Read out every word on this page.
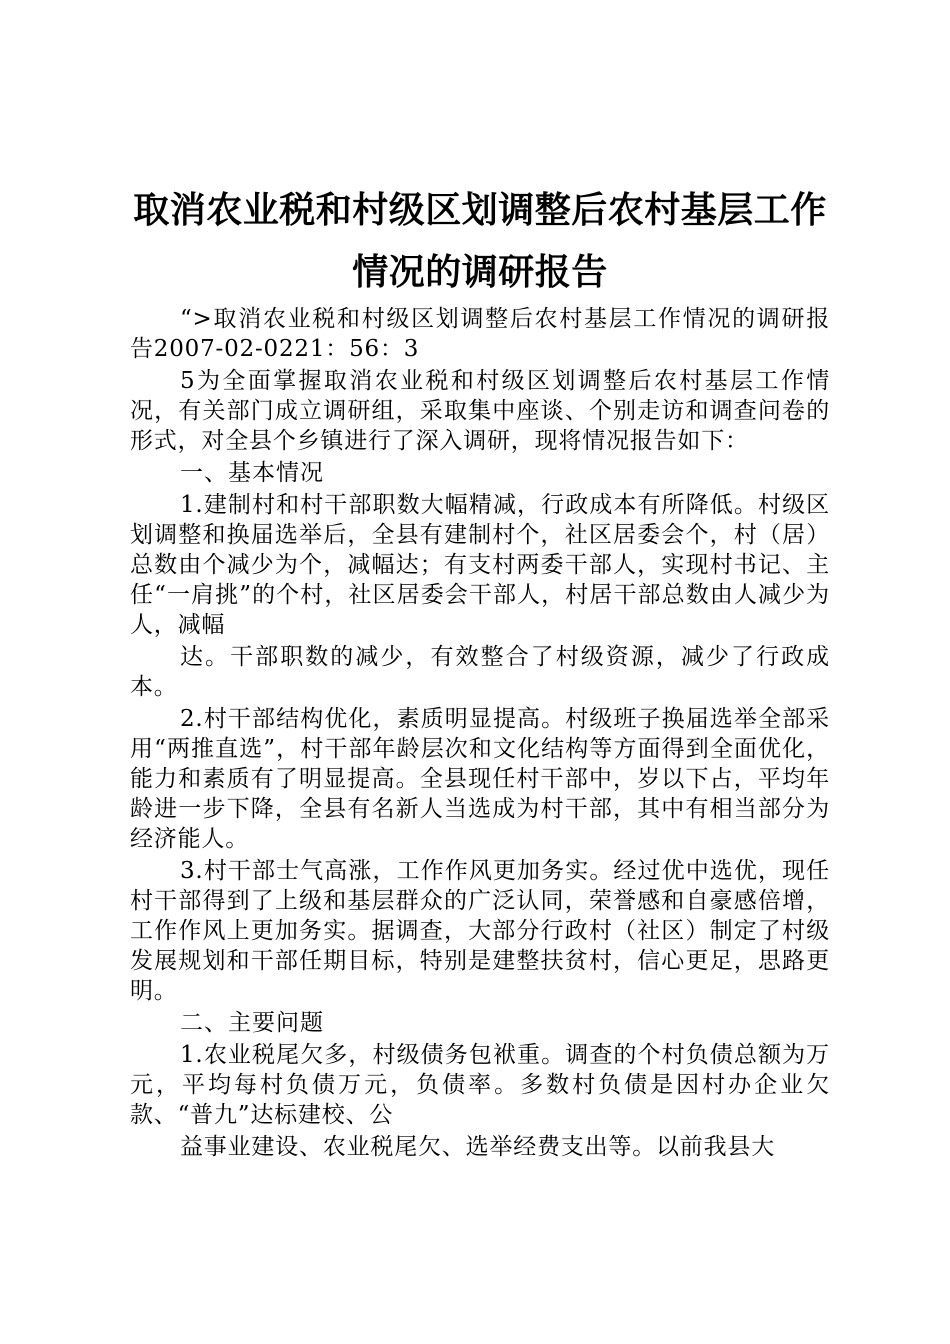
取消农业税和村级区划调整后农村基层工作情况的调研报告

“>取消农业税和村级区划调整后农村基层工作情况的调研报告2007-02-0221：56：3

5为全面掌握取消农业税和村级区划调整后农村基层工作情况，有关部门成立调研组，采取集中座谈、个别走访和调查问卷的形式，对全县个乡镇进行了深入调研，现将情况报告如下：

一、基本情况

1.建制村和村干部职数大幅精减，行政成本有所降低。村级区划调整和换届选举后，全县有建制村个，社区居委会个，村（居）总数由个减少为个，减幅达；有支村两委干部人，实现村书记、主任“一肩挑”的个村，社区居委会干部人，村居干部总数由人减少为人，减幅

达。干部职数的减少，有效整合了村级资源，减少了行政成本。

2.村干部结构优化，素质明显提高。村级班子换届选举全部采用“两推直选”，村干部年龄层次和文化结构等方面得到全面优化，能力和素质有了明显提高。全县现任村干部中，岁以下占，平均年龄进一步下降，全县有名新人当选成为村干部，其中有相当部分为经济能人。

3.村干部士气高涨，工作作风更加务实。经过优中选优，现任村干部得到了上级和基层群众的广泛认同，荣誉感和自豪感倍增，工作作风上更加务实。据调查，大部分行政村（社区）制定了村级发展规划和干部任期目标，特别是建整扶贫村，信心更足，思路更明。

二、主要问题

1.农业税尾欠多，村级债务包袱重。调查的个村负债总额为万元，平均每村负债万元，负债率。多数村负债是因村办企业欠款、“普九”达标建校、公

益事业建设、农业税尾欠、选举经费支出等。以前我县大
